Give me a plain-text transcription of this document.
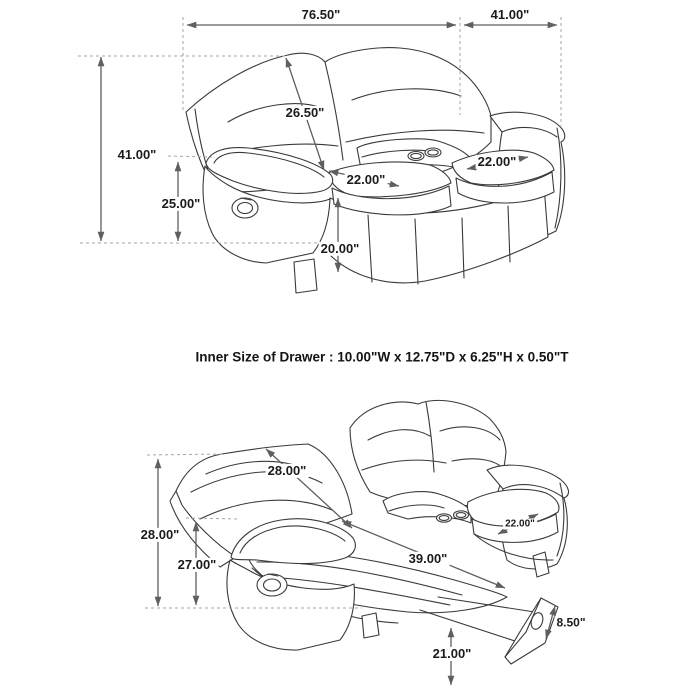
76.50"	41.00"
41.00"
25.00"
26.50"
22.00"
22.00"
20.00"
Inner Size of Drawer : 10.00"W x 12.75"D x 6.25"H x 0.50"T
28.00"
28.00"
27.00"
22.00"
39.00"
8.50"
21.00"
